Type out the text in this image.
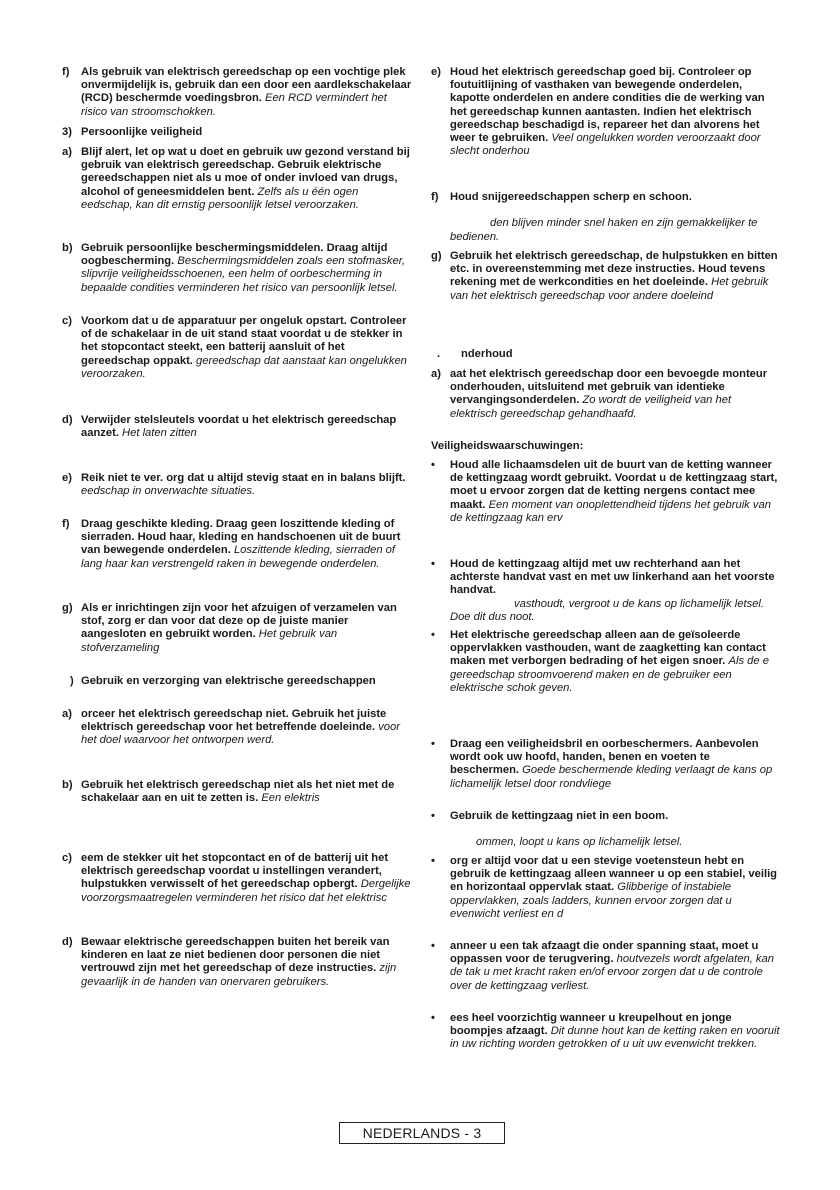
f) Als gebruik van elektrisch gereedschap op een vochtige plek onvermijdelijk is, gebruik dan een door een aardlekschakelaar (RCD) beschermde voedingsbron. Een RCD vermindert het risico van stroomschokken.
3) Persoonlijke veiligheid
a) Blijf alert, let op wat u doet en gebruik uw gezond verstand bij gebruik van elektrisch gereedschap. Gebruik elektrische gereedschappen niet als u moe of onder invloed van drugs, alcohol of geneesmiddelen bent. Zelfs als u één ogen eedschap, kan dit ernstig persoonlijk letsel veroorzaken.
b) Gebruik persoonlijke beschermingsmiddelen. Draag altijd oogbescherming. Beschermingsmiddelen zoals een stofmasker, slipvrije veiligheidsschoenen, een helm of oorbescherming in bepaalde condities verminderen het risico van persoonlijk letsel.
c) Voorkom dat u de apparatuur per ongeluk opstart. Controleer of de schakelaar in de uit stand staat voordat u de stekker in het stopcontact steekt, een batterij aansluit of het gereedschap oppakt. gereedschap dat aanstaat kan ongelukken veroorzaken.
d) Verwijder stelsleutels voordat u het elektrisch gereedschap aanzet. Het laten zitten
e) Reik niet te ver. org dat u altijd stevig staat en in balans blijft. eedschap in onverwachte situaties.
f) Draag geschikte kleding. Draag geen loszittende kleding of sierraden. Houd haar, kleding en handschoenen uit de buurt van bewegende onderdelen. Loszittende kleding, sierraden of lang haar kan verstrengeld raken in bewegende onderdelen.
g) Als er inrichtingen zijn voor het afzuigen of verzamelen van stof, zorg er dan voor dat deze op de juiste manier aangesloten en gebruikt worden. Het gebruik van stofverzameling
) Gebruik en verzorging van elektrische gereedschappen
a) orceer het elektrisch gereedschap niet. Gebruik het juiste elektrisch gereedschap voor het betreffende doeleinde. voor het doel waarvoor het ontworpen werd.
b) Gebruik het elektrisch gereedschap niet als het niet met de schakelaar aan en uit te zetten is. Een elektris
c) eem de stekker uit het stopcontact en of de batterij uit het elektrisch gereedschap voordat u instellingen verandert, hulpstukken verwisselt of het gereedschap opbergt. Dergelijke voorzorgsmaatregelen verminderen het risico dat het elektrisc
d) Bewaar elektrische gereedschappen buiten het bereik van kinderen en laat ze niet bedienen door personen die niet vertrouwd zijn met het gereedschap of deze instructies. zijn gevaarlijk in de handen van onervaren gebruikers.
e) Houd het elektrisch gereedschap goed bij. Controleer op foutuitlijning of vasthaken van bewegende onderdelen, kapotte onderdelen en andere condities die de werking van het gereedschap kunnen aantasten. Indien het elektrisch gereedschap beschadigd is, repareer het dan alvorens het weer te gebruiken. Veel ongelukken worden veroorzaakt door slecht onderhou
f) Houd snijgereedschappen scherp en schoon.

den blijven minder snel haken en zijn gemakkelijker te bedienen.
g) Gebruik het elektrisch gereedschap, de hulpstukken en bitten etc. in overeenstemming met deze instructies. Houd tevens rekening met de werkcondities en het doeleinde. Het gebruik van het elektrisch gereedschap voor andere doeleind
. nderhoud
a) aat het elektrisch gereedschap door een bevoegde monteur onderhouden, uitsluitend met gebruik van identieke vervangingsonderdelen. Zo wordt de veiligheid van het elektrisch gereedschap gehandhaafd.
Veiligheidswaarschuwingen:
• Houd alle lichaamsdelen uit de buurt van de ketting wanneer de kettingzaag wordt gebruikt. Voordat u de kettingzaag start, moet u ervoor zorgen dat de ketting nergens contact mee maakt. Een moment van onoplettendheid tijdens het gebruik van de kettingzaag kan erv
• Houd de kettingzaag altijd met uw rechterhand aan het achterste handvat vast en met uw linkerhand aan het voorste handvat.
vasthoudt, vergroot u de kans op lichamelijk letsel. Doe dit dus noot.
• Het elektrische gereedschap alleen aan de geïsoleerde oppervlakken vasthouden, want de zaagketting kan contact maken met verborgen bedrading of het eigen snoer. Als de e gereedschap stroomvoerend maken en de gebruiker een elektrische schok geven.
• Draag een veiligheidsbril en oorbeschermers. Aanbevolen wordt ook uw hoofd, handen, benen en voeten te beschermen. Goede beschermende kleding verlaagt de kans op lichamelijk letsel door rondvliege
• Gebruik de kettingzaag niet in een boom.

ommen, loopt u kans op lichamelijk letsel.
• org er altijd voor dat u een stevige voetensteun hebt en gebruik de kettingzaag alleen wanneer u op een stabiel, veilig en horizontaal oppervlak staat. Glibberige of instabiele oppervlakken, zoals ladders, kunnen ervoor zorgen dat u evenwicht verliest en d
• anneer u een tak afzaagt die onder spanning staat, moet u oppassen voor de terugvering. houtvezels wordt afgelaten, kan de tak u met kracht raken en/of ervoor zorgen dat u de controle over de kettingzaag verliest.
• ees heel voorzichtig wanneer u kreupelhout en jonge boompjes afzaagt. Dit dunne hout kan de ketting raken en vooruit in uw richting worden getrokken of u uit uw evenwicht trekken.
NEDERLANDS - 3
